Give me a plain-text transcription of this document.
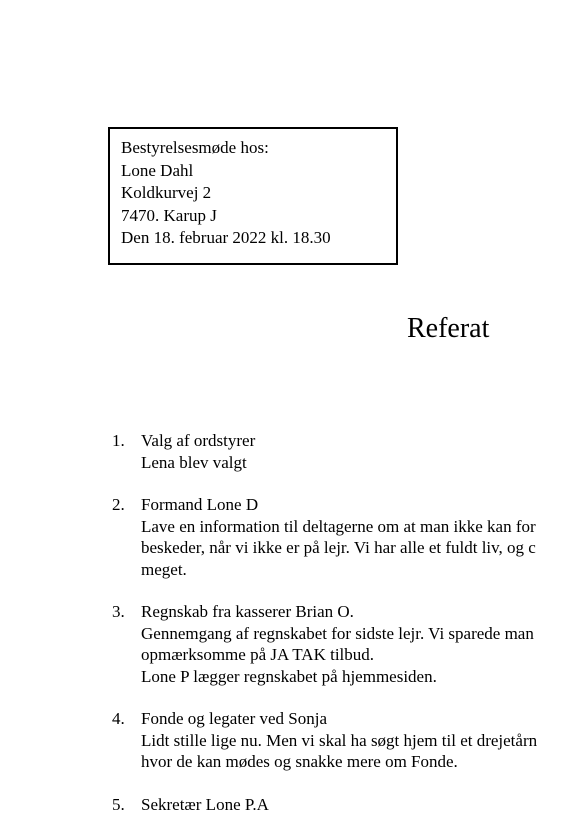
Bestyrelsesmøde hos:
Lone Dahl
Koldkurvej 2
7470. Karup J
Den 18. februar 2022 kl. 18.30
Referat
1. Valg af ordstyrer
Lena blev valgt
2. Formand Lone D
Lave en information til deltagerne om at man ikke kan for
beskeder, når vi ikke er på lejr. Vi har alle et fuldt liv, og c
meget.
3. Regnskab fra kasserer Brian O.
Gennemgang af regnskabet for sidste lejr. Vi sparede man
opmærksomme på JA TAK tilbud.
Lone P lægger regnskabet på hjemmesiden.
4. Fonde og legater ved Sonja
Lidt stille lige nu. Men vi skal ha søgt hjem til et drejetårn
hvor de kan mødes og snakke mere om Fonde.
5. Sekretær Lone P.A
